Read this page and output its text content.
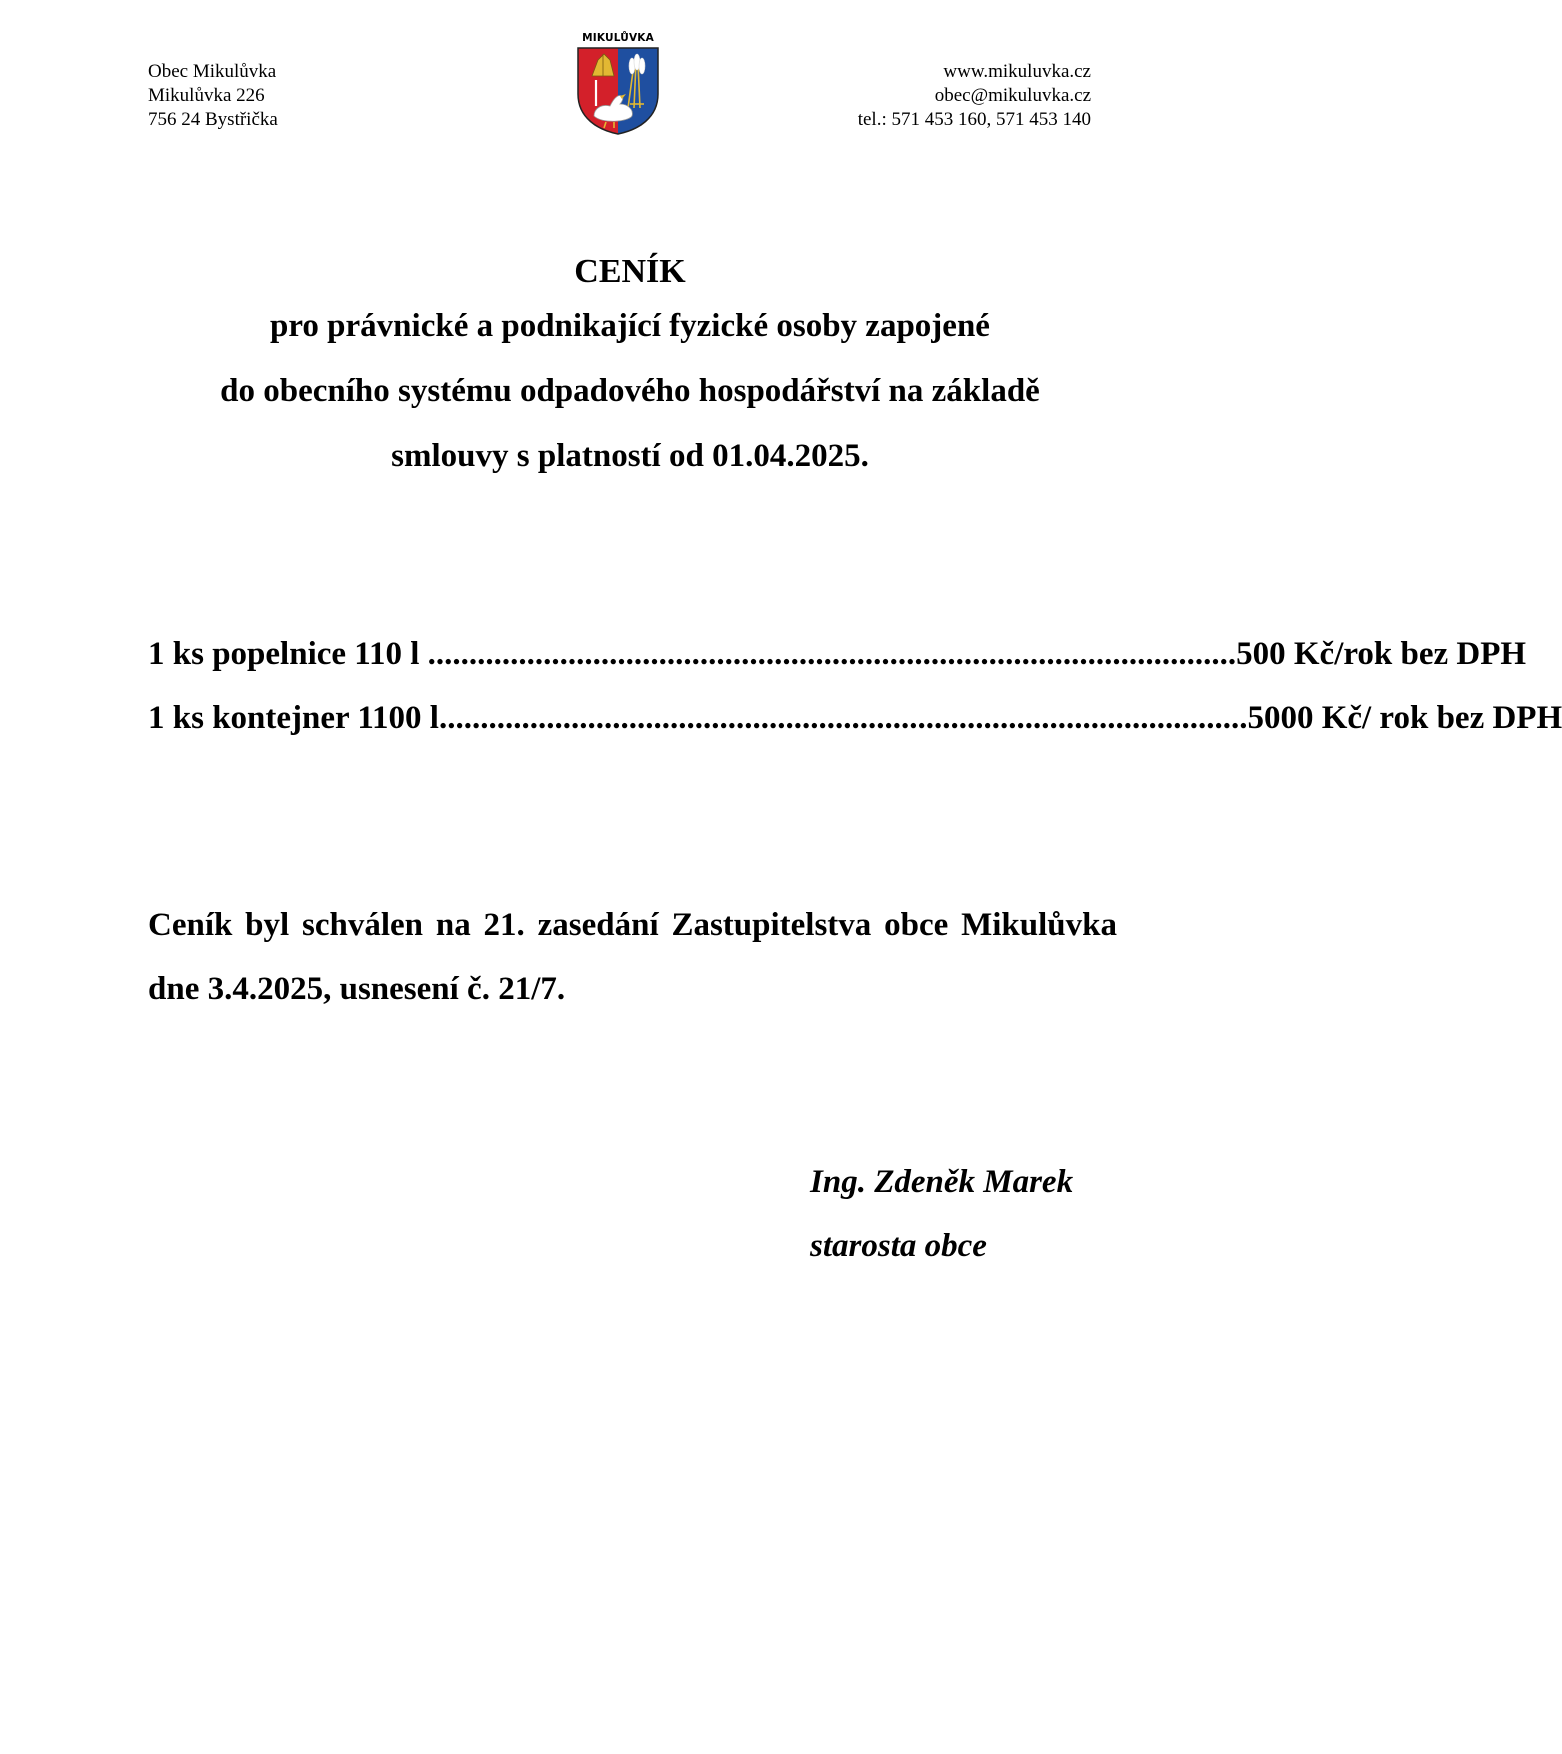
Obec Mikulůvka
Mikulůvka 226
756 24 Bystřička
MIKULŮVKA
www.mikuluvka.cz
obec@mikuluvka.cz
tel.: 571 453 160, 571 453 140
CENÍK
pro právnické a podnikající fyzické osoby zapojené
do obecního systému odpadového hospodářství na základě
smlouvy s platností od 01.04.2025.
1 ks popelnice 110 l .................................................................................................. 500 Kč/rok bez DPH
1 ks kontejner 1100 l .................................................................................................. 5000 Kč/ rok bez DPH
Ceník byl schválen na 21. zasedání Zastupitelstva obce Mikulůvka dne 3.4.2025, usnesení č. 21/7.
Ing. Zdeněk Marek
starosta obce
